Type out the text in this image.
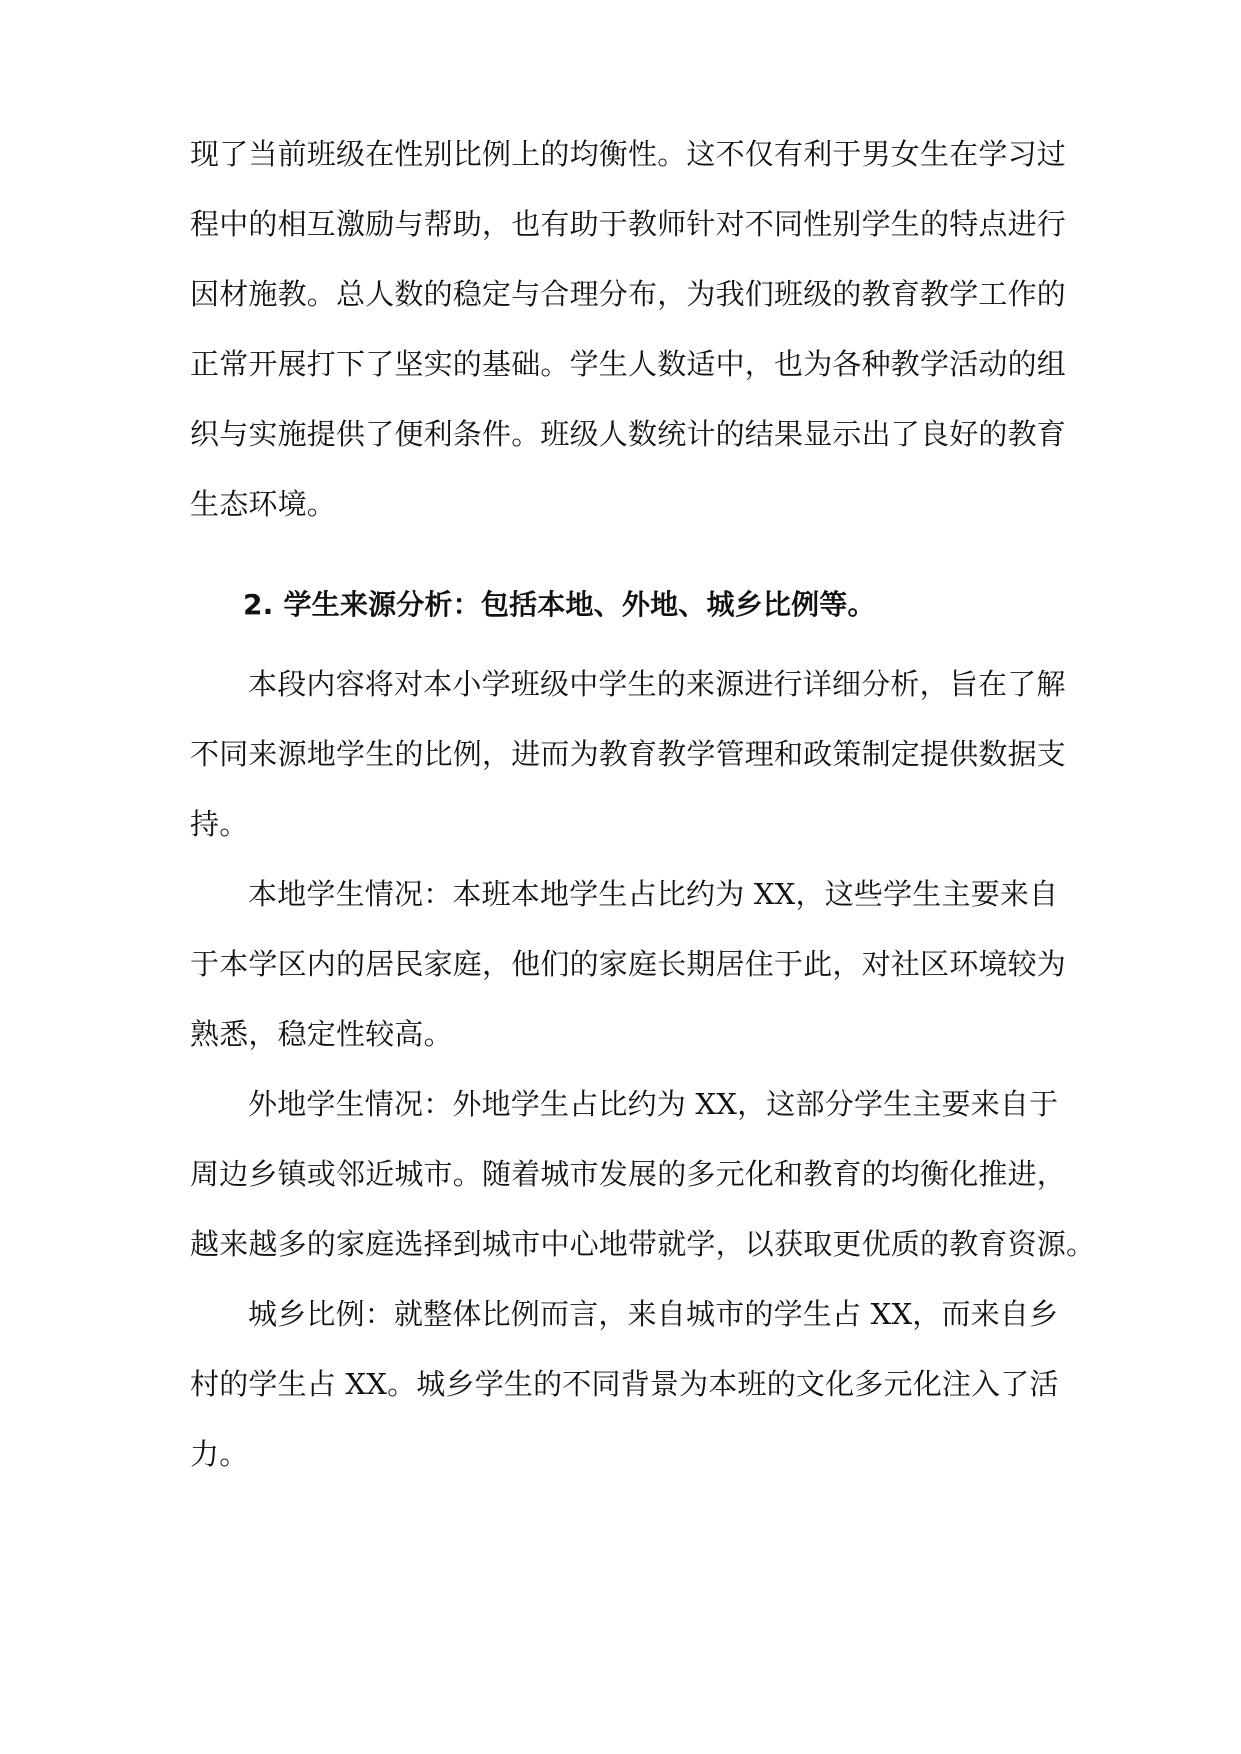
现了当前班级在性别比例上的均衡性。这不仅有利于男女生在学习过
程中的相互激励与帮助，也有助于教师针对不同性别学生的特点进行
因材施教。总人数的稳定与合理分布，为我们班级的教育教学工作的
正常开展打下了坚实的基础。学生人数适中，也为各种教学活动的组
织与实施提供了便利条件。班级人数统计的结果显示出了良好的教育
生态环境。
2. 学生来源分析：包括本地、外地、城乡比例等。
本段内容将对本小学班级中学生的来源进行详细分析，旨在了解
不同来源地学生的比例，进而为教育教学管理和政策制定提供数据支
持。
本地学生情况：本班本地学生占比约为 XX，这些学生主要来自
于本学区内的居民家庭，他们的家庭长期居住于此，对社区环境较为
熟悉，稳定性较高。
外地学生情况：外地学生占比约为 XX，这部分学生主要来自于
周边乡镇或邻近城市。随着城市发展的多元化和教育的均衡化推进，
越来越多的家庭选择到城市中心地带就学，以获取更优质的教育资源。
城乡比例：就整体比例而言，来自城市的学生占 XX，而来自乡
村的学生占 XX。城乡学生的不同背景为本班的文化多元化注入了活
力。
